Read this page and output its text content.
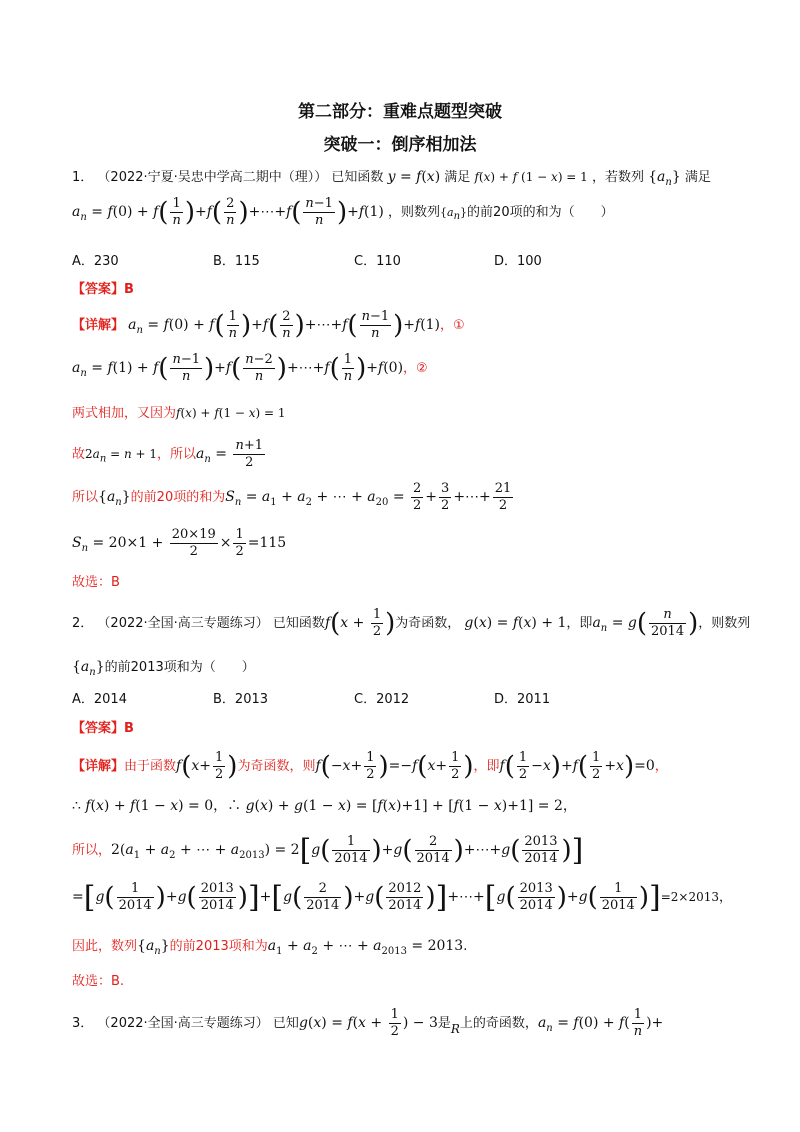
第二部分：重难点题型突破
突破一：倒序相加法
1． （2022·宁夏·吴忠中学高二期中（理）） 已知函数 y = f(x) 满足 f(x) + f (1 − x) = 1 ，若数列 $\{a_n\}$ 满足
$a_n = f(0) + f( \frac{1}{n} )+f( \frac{2}{n}$ )+⋯+f( $\frac{n-1}{n} )+f(1)$ ，则数列$\{a_n\}$的前20项的和为（　　）
A．230	B．115	C．110	D．100
【答案】B
【详解】 $a_n = f(0) + f( \frac{1}{n} )+f( \frac{2}{n}$ )+⋯+f( $\frac{n-1}{n} )+f(1)$，①
$a_n = f(1) + f( \frac{n-1}{n} )+f( \frac{n-2}{n}$ )+⋯+f( $\frac{1}{n} )+f(0)$，②
两式相加，又因为f(x) + f(1 − x) = 1
故$2a_n = n + 1$，所以$a_n = \frac{n+1}{2}$
所以$\{a_n\}$的前20项的和为$S_n = a_1 + a_2$ + ⋯ + $a_{20} = \frac{2}{2} + \frac{3}{2}$ +⋯+ $\frac{21}{2}$
$S_n = 20\times 1 + \frac{20\times 19}{2} \times \frac{1}{2} =115$
故选：B
2． （2022·全国·高三专题练习） 已知函数$f(x + \frac{1}{2}$ )为奇函数， g(x) = f(x) + 1，即$a_n = g( \frac{n}{2014}$ )，则数列
$\{a_n\}$的前2013项和为（　　）
A．2014	B．2013	C．2012	D．2011
【答案】B
【详解】由于函数$f(x+ \frac{1}{2}$ )为奇函数，则$f(-x+ \frac{1}{2} )=-f(x+ \frac{1}{2}$ )，即$f( \frac{1}{2} -x)+f( \frac{1}{2} +x)=0$，
∴ f(x) + f(1 − x) = 0，∴ g(x) + g(1 − x) = [f(x)+1] + [f(1 − x)+1] = 2，
所以，$2(a_1 + a_2$ + ⋯ + $a_{2013}) = 2[g( \frac{1}{2014} )+g( \frac{2}{2014}$ )+⋯+g( $\frac{2013}{2014}$ )]
$=[g( \frac{1}{2014} )+g( \frac{2013}{2014} )]+[g( \frac{2}{2014} )+g( \frac{2012}{2014}$ )]+⋯+[g( $\frac{2013}{2014} )+g( \frac{1}{2014} )]=2\times 2013$，
因此，数列$\{a_n\}$的前2013项和为$a_1 + a_2$ + ⋯ + $a_{2013} = 2013$.
故选：B.
3． （2022·全国·高三专题练习） 已知$g(x) = f(x + \frac{1}{2}$ ) − 3是R上的奇函数，$a_n = f(0) + f( \frac{1}{n}$ )+
